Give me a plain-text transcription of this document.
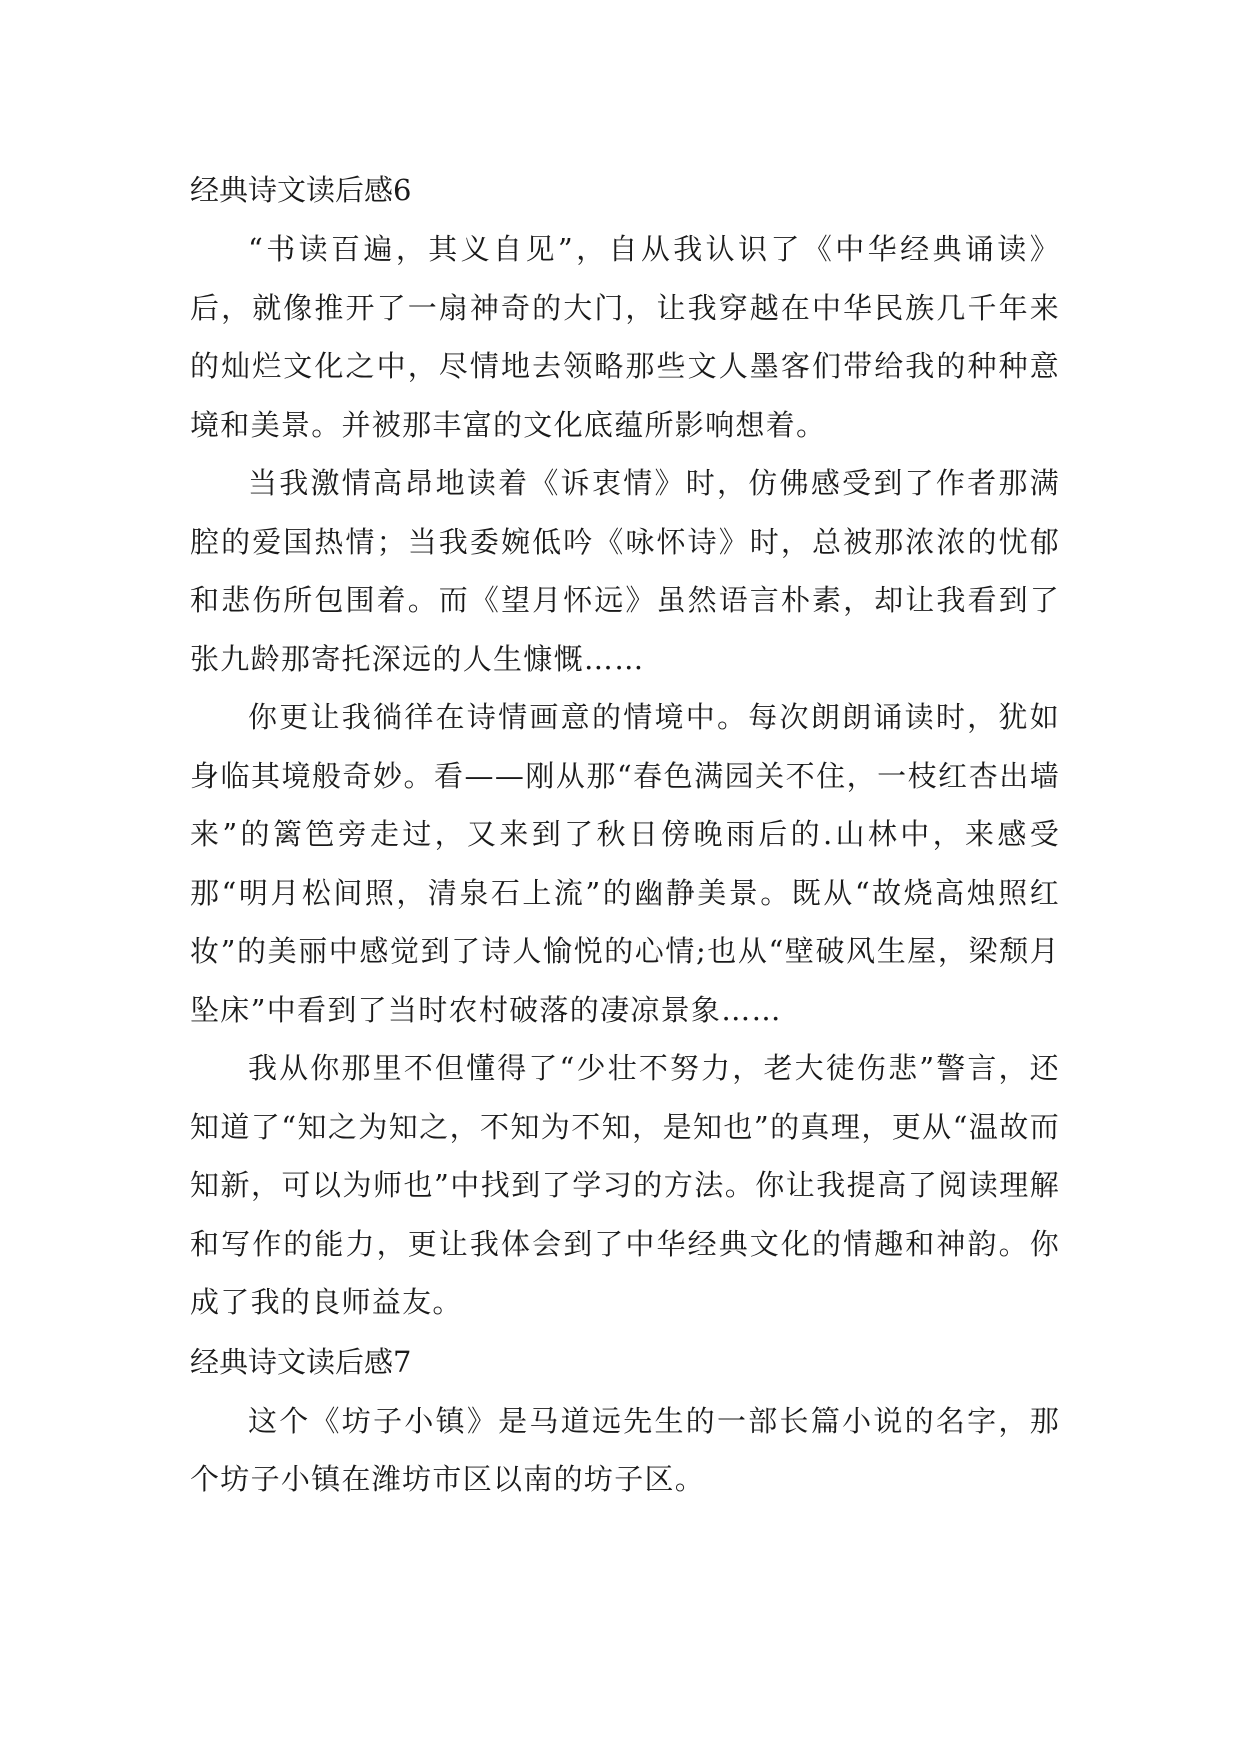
经典诗文读后感6

“书读百遍，其义自见”，自从我认识了《中华经典诵读》后，就像推开了一扇神奇的大门，让我穿越在中华民族几千年来的灿烂文化之中，尽情地去领略那些文人墨客们带给我的种种意境和美景。并被那丰富的文化底蕴所影响想着。

当我激情高昂地读着《诉衷情》时，仿佛感受到了作者那满腔的爱国热情；当我委婉低吟《咏怀诗》时，总被那浓浓的忧郁和悲伤所包围着。而《望月怀远》虽然语言朴素，却让我看到了张九龄那寄托深远的人生慷慨……

你更让我徜徉在诗情画意的情境中。每次朗朗诵读时，犹如身临其境般奇妙。看——刚从那“春色满园关不住，一枝红杏出墙来”的篱笆旁走过，又来到了秋日傍晚雨后的.山林中，来感受那“明月松间照，清泉石上流”的幽静美景。既从“故烧高烛照红妆”的美丽中感觉到了诗人愉悦的心情;也从“壁破风生屋，梁颓月坠床”中看到了当时农村破落的凄凉景象……

我从你那里不但懂得了“少壮不努力，老大徒伤悲”警言，还知道了“知之为知之，不知为不知，是知也”的真理，更从“温故而知新，可以为师也”中找到了学习的方法。你让我提高了阅读理解和写作的能力，更让我体会到了中华经典文化的情趣和神韵。你成了我的良师益友。

经典诗文读后感7

这个《坊子小镇》是马道远先生的一部长篇小说的名字，那个坊子小镇在潍坊市区以南的坊子区。
